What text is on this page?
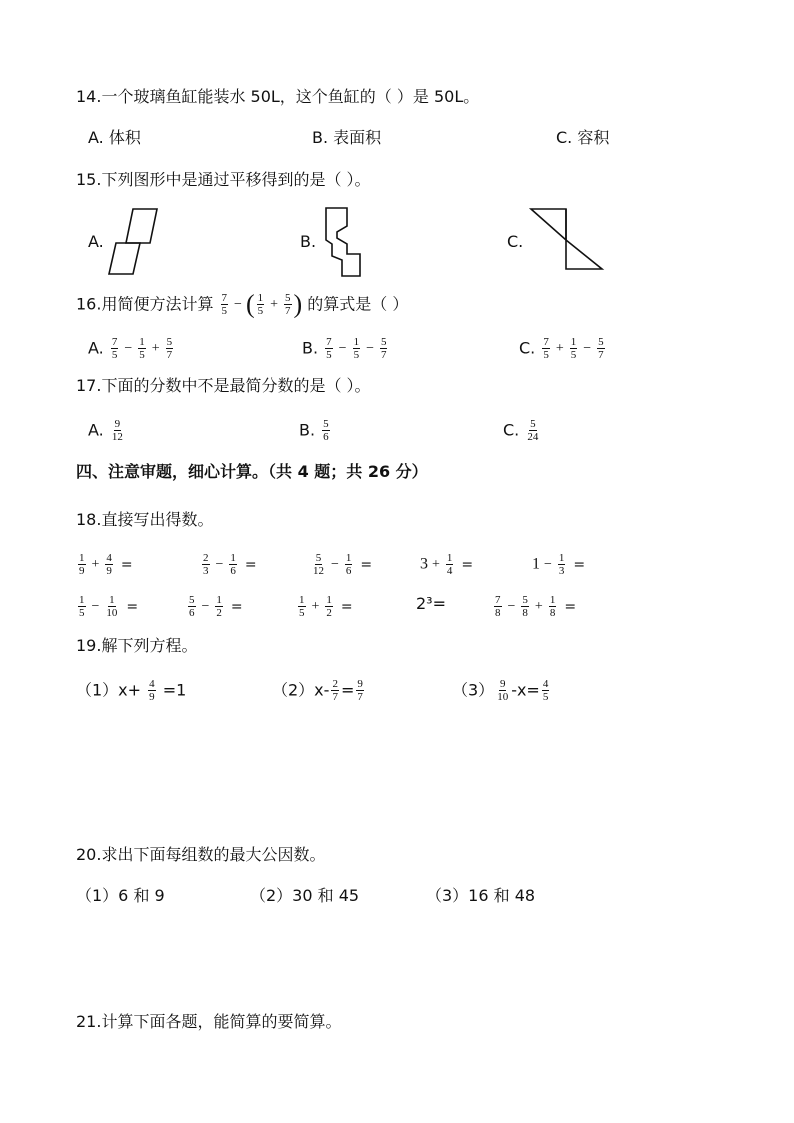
14.一个玻璃鱼缸能装水 50L，这个鱼缸的（ ）是 50L。
A. 体积	B. 表面积	C. 容积
15.下列图形中是通过平移得到的是（ ）。
A.	B.	C.
16.用简便方法计算 $\frac{7}{5}$ − ( $\frac{1}{5} + \frac{5}{7}$ ) 的算式是（ ）
A. $\frac{7}{5} - \frac{1}{5} + \frac{5}{7}$	B. $\frac{7}{5} - \frac{1}{5} - \frac{5}{7}$	C. $\frac{7}{5} + \frac{1}{5} - \frac{5}{7}$
17.下面的分数中不是最简分数的是（ ）。
A. $\frac{9}{12}$	B. $\frac{5}{6}$	C. $\frac{5}{24}$
四、注意审题，细心计算。（共 4 题；共 26 分）
18.直接写出得数。
$\frac{1}{9} + \frac{4}{9}$ =	$\frac{2}{3} - \frac{1}{6}$ =	$\frac{5}{12} - \frac{1}{6}$ =	$3 + \frac{1}{4}$ =	$1 - \frac{1}{3}$ =
$\frac{1}{5} - \frac{1}{10}$ =	$\frac{5}{6} - \frac{1}{2}$ =	$\frac{1}{5} + \frac{1}{2}$ =	2³=	$\frac{7}{8} - \frac{5}{8} + \frac{1}{8}$ =
19.解下列方程。
$(1)x+ \frac{4}{9} =1$	$(2)x- \frac{2}{7} = \frac{9}{7}$	$(3) \frac{9}{10} -x= \frac{4}{5}$
20.求出下面每组数的最大公因数。
（1）6 和 9	（2）30 和 45	（3）16 和 48
21.计算下面各题，能简算的要简算。
